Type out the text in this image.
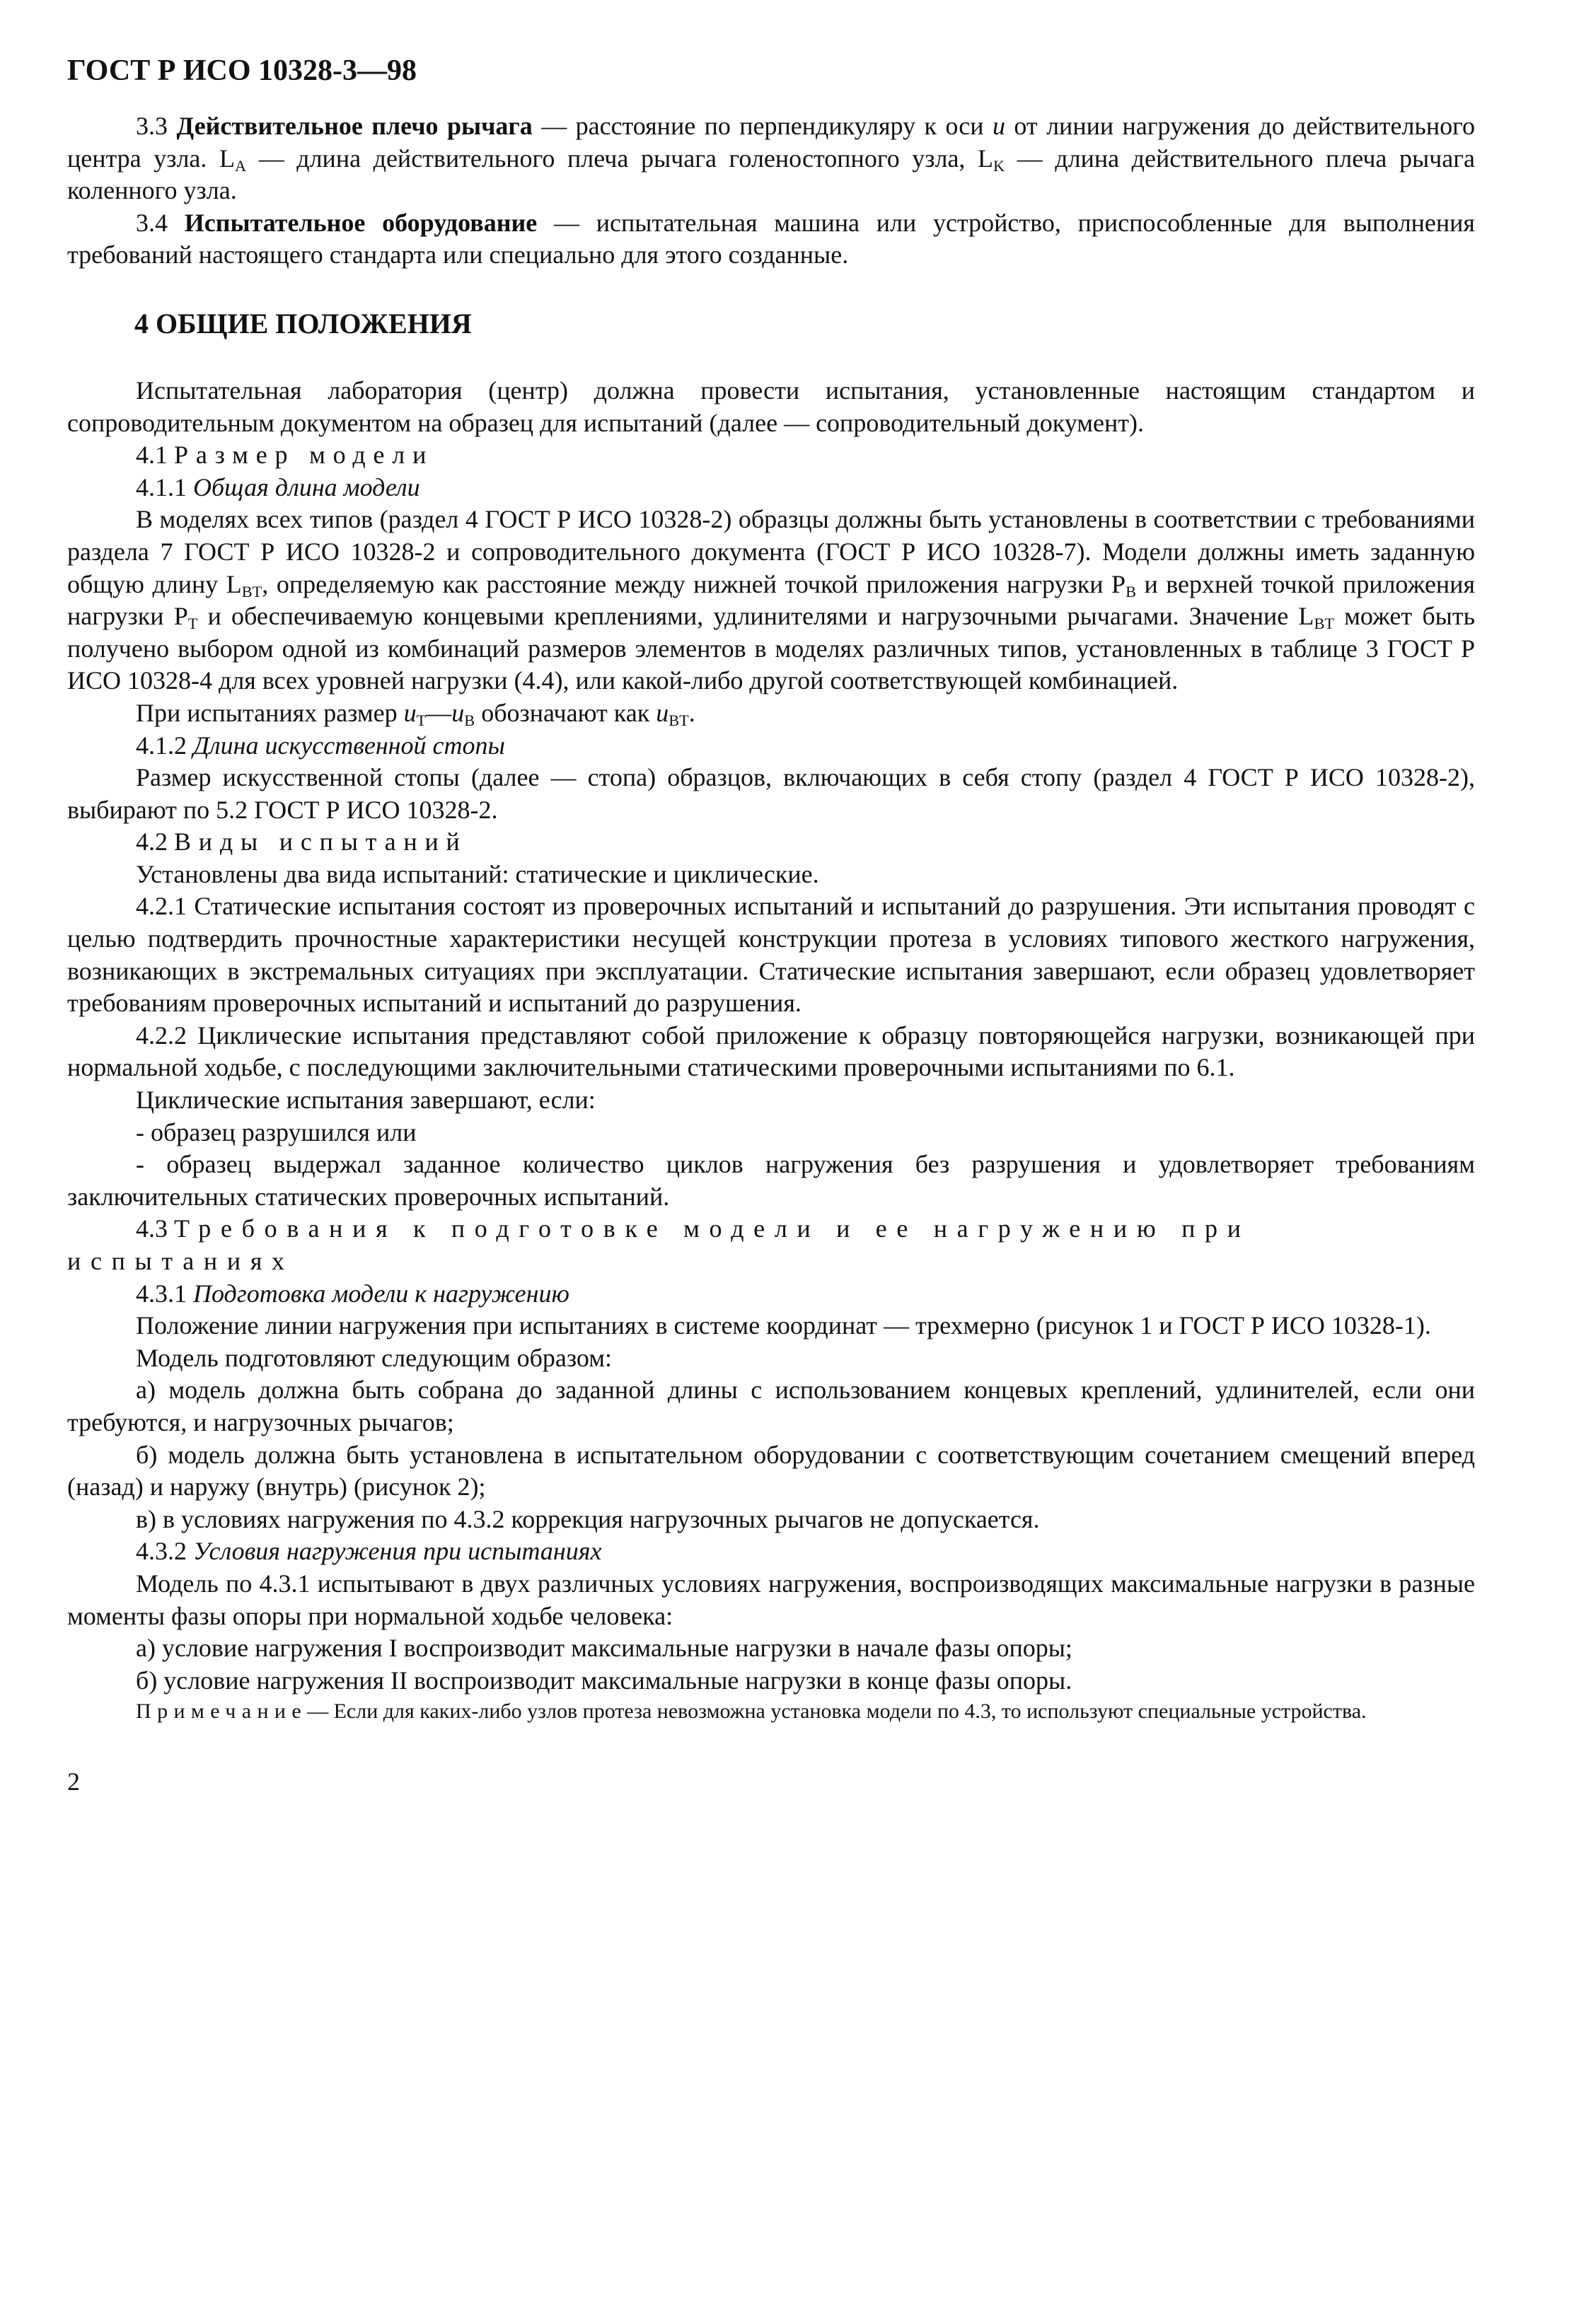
ГОСТ Р ИСО 10328-3—98

3.3 Действительное плечо рычага — расстояние по перпендикуляру к оси u от линии нагружения до действительного центра узла. $L_A$ — длина действительного плеча рычага голеностопного узла, $L_K$ — длина действительного плеча рычага коленного узла.

3.4 Испытательное оборудование — испытательная машина или устройство, приспособленные для выполнения требований настоящего стандарта или специально для этого созданные.

4 ОБЩИЕ ПОЛОЖЕНИЯ

Испытательная лаборатория (центр) должна провести испытания, установленные настоящим стандартом и сопроводительным документом на образец для испытаний (далее — сопроводительный документ).

4.1 Размер модели

4.1.1 Общая длина модели

В моделях всех типов (раздел 4 ГОСТ Р ИСО 10328-2) образцы должны быть установлены в соответствии с требованиями раздела 7 ГОСТ Р ИСО 10328-2 и сопроводительного документа (ГОСТ Р ИСО 10328-7). Модели должны иметь заданную общую длину $L_{BT}$, определяемую как расстояние между нижней точкой приложения нагрузки $P_B$ и верхней точкой приложения нагрузки $P_T$ и обеспечиваемую концевыми креплениями, удлинителями и нагрузочными рычагами. Значение $L_{BT}$ может быть получено выбором одной из комбинаций размеров элементов в моделях различных типов, установленных в таблице 3 ГОСТ Р ИСО 10328-4 для всех уровней нагрузки (4.4), или какой-либо другой соответствующей комбинацией.

При испытаниях размер $u_T—u_B$ обозначают как $u_{BT}$.

4.1.2 Длина искусственной стопы

Размер искусственной стопы (далее — стопа) образцов, включающих в себя стопу (раздел 4 ГОСТ Р ИСО 10328-2), выбирают по 5.2 ГОСТ Р ИСО 10328-2.

4.2 Виды испытаний

Установлены два вида испытаний: статические и циклические.

4.2.1 Статические испытания состоят из проверочных испытаний и испытаний до разрушения. Эти испытания проводят с целью подтвердить прочностные характеристики несущей конструкции протеза в условиях типового жесткого нагружения, возникающих в экстремальных ситуациях при эксплуатации. Статические испытания завершают, если образец удовлетворяет требованиям проверочных испытаний и испытаний до разрушения.

4.2.2 Циклические испытания представляют собой приложение к образцу повторяющейся нагрузки, возникающей при нормальной ходьбе, с последующими заключительными статическими проверочными испытаниями по 6.1.

Циклические испытания завершают, если:

- образец разрушился или

- образец выдержал заданное количество циклов нагружения без разрушения и удовлетворяет требованиям заключительных статических проверочных испытаний.

4.3 Требования к подготовке модели и ее нагружению при испытаниях

4.3.1 Подготовка модели к нагружению

Положение линии нагружения при испытаниях в системе координат — трехмерно (рисунок 1 и ГОСТ Р ИСО 10328-1).

Модель подготовляют следующим образом:

а) модель должна быть собрана до заданной длины с использованием концевых креплений, удлинителей, если они требуются, и нагрузочных рычагов;

б) модель должна быть установлена в испытательном оборудовании с соответствующим сочетанием смещений вперед (назад) и наружу (внутрь) (рисунок 2);

в) в условиях нагружения по 4.3.2 коррекция нагрузочных рычагов не допускается.

4.3.2 Условия нагружения при испытаниях

Модель по 4.3.1 испытывают в двух различных условиях нагружения, воспроизводящих максимальные нагрузки в разные моменты фазы опоры при нормальной ходьбе человека:

а) условие нагружения I воспроизводит максимальные нагрузки в начале фазы опоры;

б) условие нагружения II воспроизводит максимальные нагрузки в конце фазы опоры.

Примечание— Если для каких-либо узлов протеза невозможна установка модели по 4.3, то используют специальные устройства.

2
